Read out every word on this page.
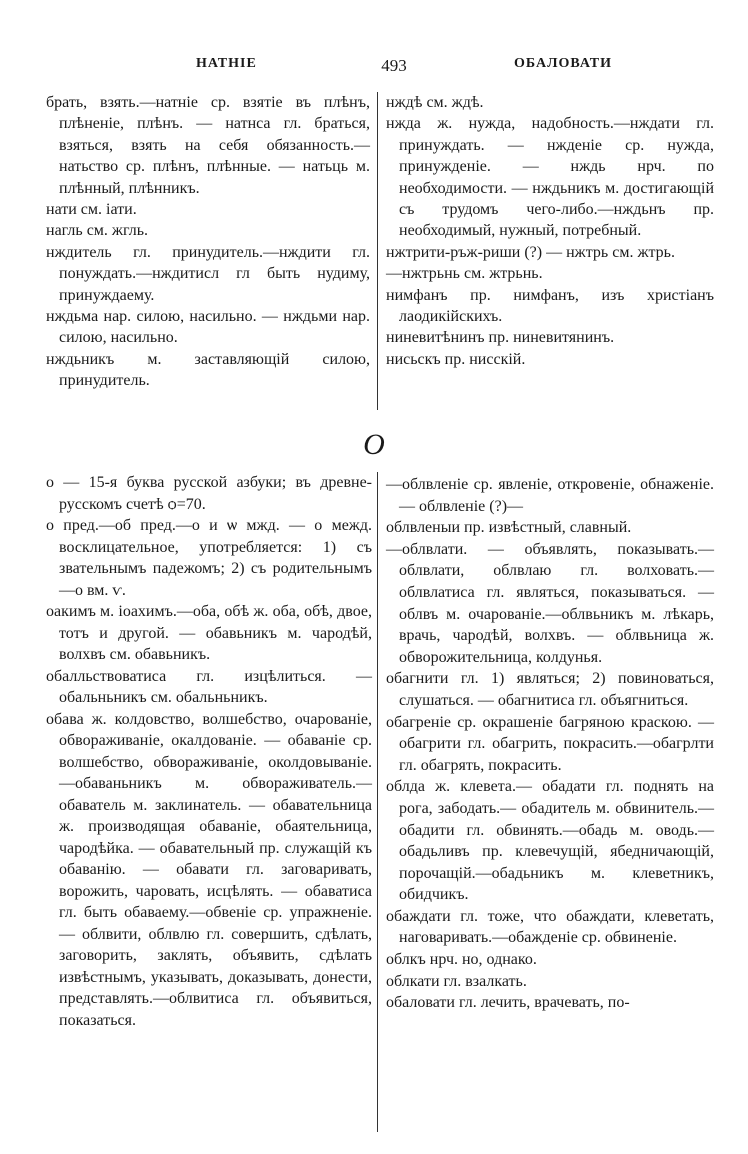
НАТНІЕ	493	ОБАЛОВАТИ

брать, взять.—натніе ср. взятіе въ плѣнъ, плѣненіе, плѣнъ. — натнса гл. браться, взяться, взять на себя обязанность.—натьство ср. плѣнъ, плѣнные. — натьць м. плѣнный, плѣнникъ.

нати см. іати.

нагль см. жгль.

нждитель гл. принудитель.—нждити гл. понуждать.—нждитисл гл быть нудиму, принуждаему.

нждьма нар. силою, насильно. — нждьми нар. силою, насильно.

нждьникъ м. заставляющій силою, принудитель.

нждѣ см. ждѣ.

нжда ж. нужда, надобность.—нждати гл. принуждать. — нжденіе ср. нужда, принужденіе. — нждь нрч. по необходимости. — нждьникъ м. достигающій съ трудомъ чего-либо.—нждьнъ пр. необходимый, нужный, потребный.

нжтрити-ръж-риши (?) — нжтрь см. жтрь.

—нжтрьнь см. жтрьнь.

нимфанъ пр. нимфанъ, изъ христіанъ лаодикійскихъ.

ниневитѣнинъ пр. ниневитянинъ.

нисьскъ пр. нисскій.

О

о — 15-я буква русской азбуки; въ древне-русскомъ счетѣ ѻ=70.

о пред.—об пред.—о и ѡ мжд. — о межд. восклицательное, употребляется: 1) съ звательнымъ падежомъ; 2) съ родительнымъ—о вм. ѵ.

оакимъ м. іоахимъ.—оба, обѣ ж. оба, обѣ, двое, тотъ и другой. — обавьникъ м. чародѣй, волхвъ см. обавьникъ.

обалльствоватиса гл. изцѣлиться. — обальньникъ см. обальньникъ.

обава ж. колдовство, волшебство, очарованіе, обвораживаніе, окалдованіе. — обаваніе ср. волшебство, обвораживаніе, околдовываніе.—обаваньникъ м. обвораживатель.—обаватель м. заклинатель. — обавательница ж. производящая обаваніе, обаятельница, чародѣйка. — обавательный пр. служащій къ обаванію. — обавати гл. заговаривать, ворожить, чаровать, исцѣлять. — обаватиса гл. быть обаваему.—обвеніе ср. упражненіе. — облвити, облвлю гл. совершить, сдѣлать, заговорить, заклять, объявить, сдѣлать извѣстнымъ, указывать, доказывать, донести, представлять.—облвитиса гл. объявиться, показаться.

—облвленіе ср. явленіе, откровеніе, обнаженіе. — облвленіе (?)—

облвленыи пр. извѣстный, славный.

—облвлати. — объявлять, показывать.—облвлати, облвлаю гл. волховать.—облвлатиса гл. являться, показываться. — облвъ м. очарованіе.—облвьникъ м. лѣкарь, врачь, чародѣй, волхвъ. — облвьница ж. обворожительница, колдунья.

обагнити гл. 1) являться; 2) повиноваться, слушаться. — обагнитиса гл. объягниться.

обагреніе ср. окрашеніе багряною краскою. — обагрити гл. обагрить, покрасить.—обагрлти гл. обагрять, покрасить.

облда ж. клевета.— обадати гл. поднять на рога, забодать.— обадитель м. обвинитель.— обадити гл. обвинять.—обадь м. оводь.—обадьливъ пр. клевечущій, ябедничающій, порочащій.—обадьникъ м. клеветникъ, обидчикъ.

обаждати гл. тоже, что обаждати, клеветать, наговаривать.—обажденіе ср. обвиненіе.

облкъ нрч. но, однако.

облкати гл. взалкать.

обаловати гл. лечить, врачевать, по-
